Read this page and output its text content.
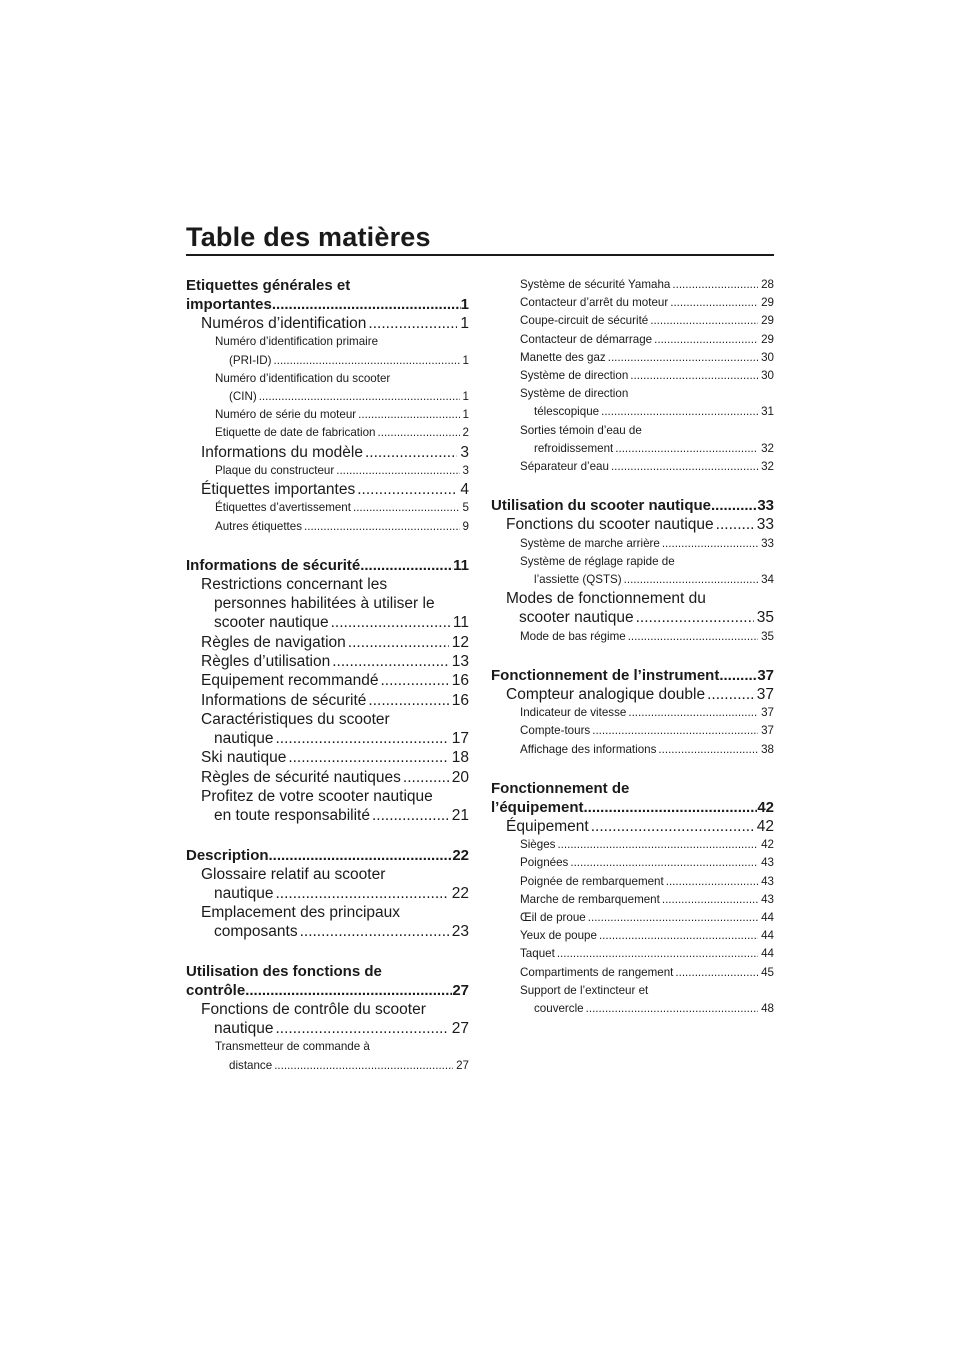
Table des matières
Etiquettes générales et
importantes .....	1
Numéros d’identification .....	1
Numéro d’identification primaire
(PRI-ID) .....	1
Numéro d’identification du scooter
(CIN) .....	1
Numéro de série du moteur .....	1
Etiquette de date de fabrication .....	2
Informations du modèle .....	3
Plaque du constructeur .....	3
Étiquettes importantes .....	4
Étiquettes d’avertissement .....	5
Autres étiquettes .....	9
Informations de sécurité .....	11
Restrictions concernant les
personnes habilitées à utiliser le
scooter nautique .....	11
Règles de navigation .....	12
Règles d’utilisation .....	13
Equipement recommandé .....	16
Informations de sécurité .....	16
Caractéristiques du scooter
nautique .....	17
Ski nautique .....	18
Règles de sécurité nautiques .....	20
Profitez de votre scooter nautique
en toute responsabilité .....	21
Description .....	22
Glossaire relatif au scooter
nautique .....	22
Emplacement des principaux
composants .....	23
Utilisation des fonctions de
contrôle .....	27
Fonctions de contrôle du scooter
nautique .....	27
Transmetteur de commande à
distance .....	27
Système de sécurité Yamaha .....	28
Contacteur d’arrêt du moteur .....	29
Coupe-circuit de sécurité .....	29
Contacteur de démarrage .....	29
Manette des gaz .....	30
Système de direction .....	30
Système de direction
télescopique .....	31
Sorties témoin d’eau de
refroidissement .....	32
Séparateur d’eau .....	32
Utilisation du scooter nautique .....	33
Fonctions du scooter nautique .....	33
Système de marche arrière .....	33
Système de réglage rapide de
l’assiette (QSTS) .....	34
Modes de fonctionnement du
scooter nautique .....	35
Mode de bas régime .....	35
Fonctionnement de l’instrument .....	37
Compteur analogique double .....	37
Indicateur de vitesse .....	37
Compte-tours .....	37
Affichage des informations .....	38
Fonctionnement de
l’équipement .....	42
Équipement .....	42
Sièges .....	42
Poignées .....	43
Poignée de rembarquement .....	43
Marche de rembarquement .....	43
Œil de proue .....	44
Yeux de poupe .....	44
Taquet .....	44
Compartiments de rangement .....	45
Support de l’extincteur et
couvercle .....	48
